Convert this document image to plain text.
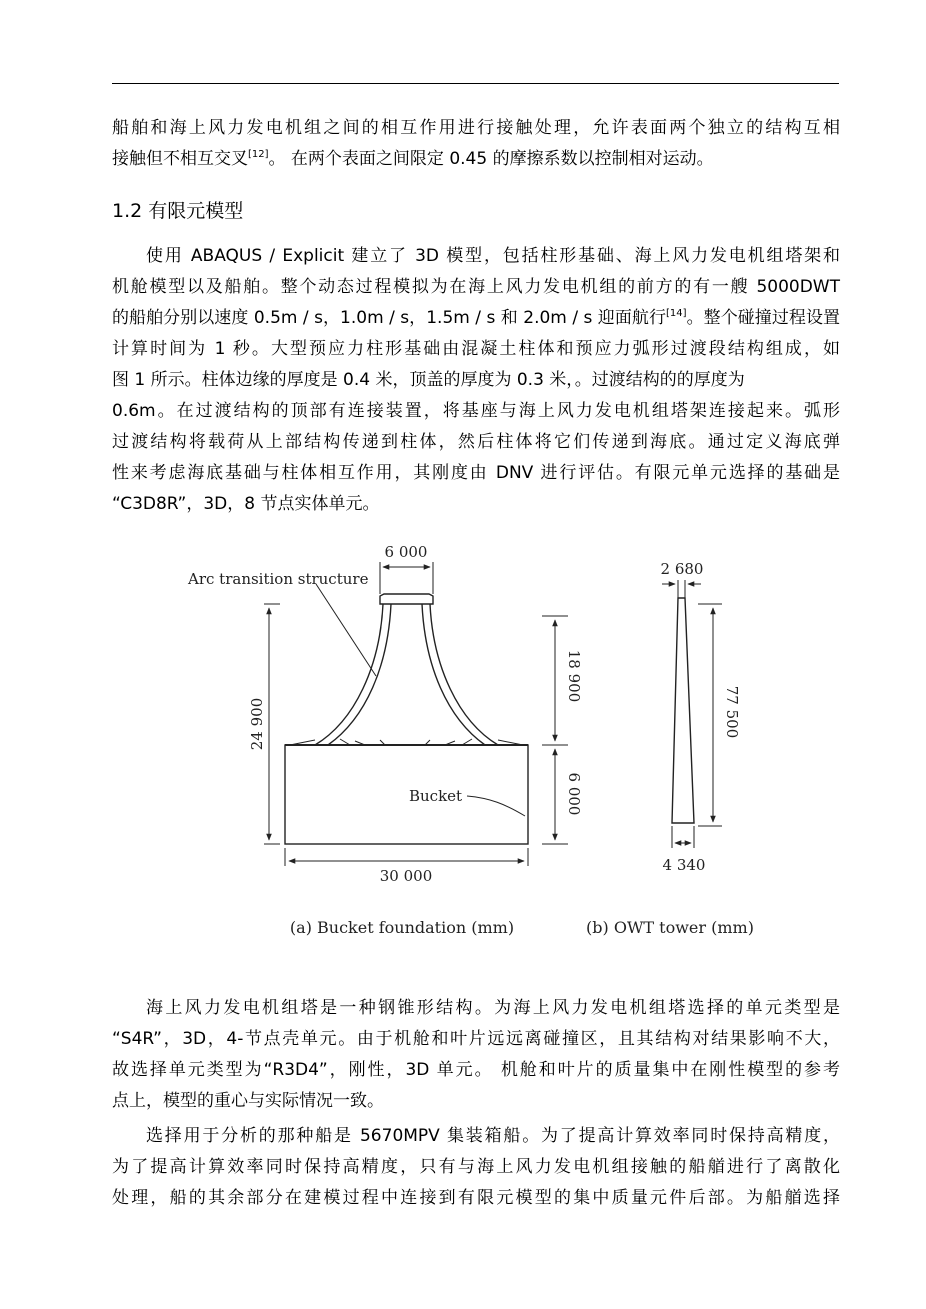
船舶和海上风力发电机组之间的相互作用进行接触处理，允许表面两个独立的结构互相
接触但不相互交叉[12]。 在两个表面之间限定 0.45 的摩擦系数以控制相对运动。
1.2 有限元模型
使用 ABAQUS / Explicit 建立了 3D 模型，包括柱形基础、海上风力发电机组塔架和
机舱模型以及船舶。整个动态过程模拟为在海上风力发电机组的前方的有一艘 5000DWT
的船舶分别以速度 0.5m / s，1.0m / s，1.5m / s 和 2.0m / s 迎面航行[14]。整个碰撞过程设置
计算时间为 1 秒。大型预应力柱形基础由混凝土柱体和预应力弧形过渡段结构组成，如
图 1 所示。柱体边缘的厚度是 0.4 米，顶盖的厚度为 0.3 米，。过渡结构的的厚度为
0.6m。在过渡结构的顶部有连接装置，将基座与海上风力发电机组塔架连接起来。弧形
过渡结构将载荷从上部结构传递到柱体，然后柱体将它们传递到海底。通过定义海底弹
性来考虑海底基础与柱体相互作用，其刚度由 DNV 进行评估。有限元单元选择的基础是
“C3D8R”，3D，8 节点实体单元。
Arc transition structure
6 000
24 900
18 900
6 000
Bucket
30 000
(a) Bucket foundation (mm)
2 680
77 500
4 340
(b) OWT tower (mm)
海上风力发电机组塔是一种钢锥形结构。为海上风力发电机组塔选择的单元类型是
“S4R”，3D，4-节点壳单元。由于机舱和叶片远远离碰撞区，且其结构对结果影响不大，
故选择单元类型为“R3D4”，刚性，3D 单元。 机舱和叶片的质量集中在刚性模型的参考
点上，模型的重心与实际情况一致。
选择用于分析的那种船是 5670MPV 集装箱船。为了提高计算效率同时保持高精度，
为了提高计算效率同时保持高精度，只有与海上风力发电机组接触的船艏进行了离散化
处理，船的其余部分在建模过程中连接到有限元模型的集中质量元件后部。为船艏选择
